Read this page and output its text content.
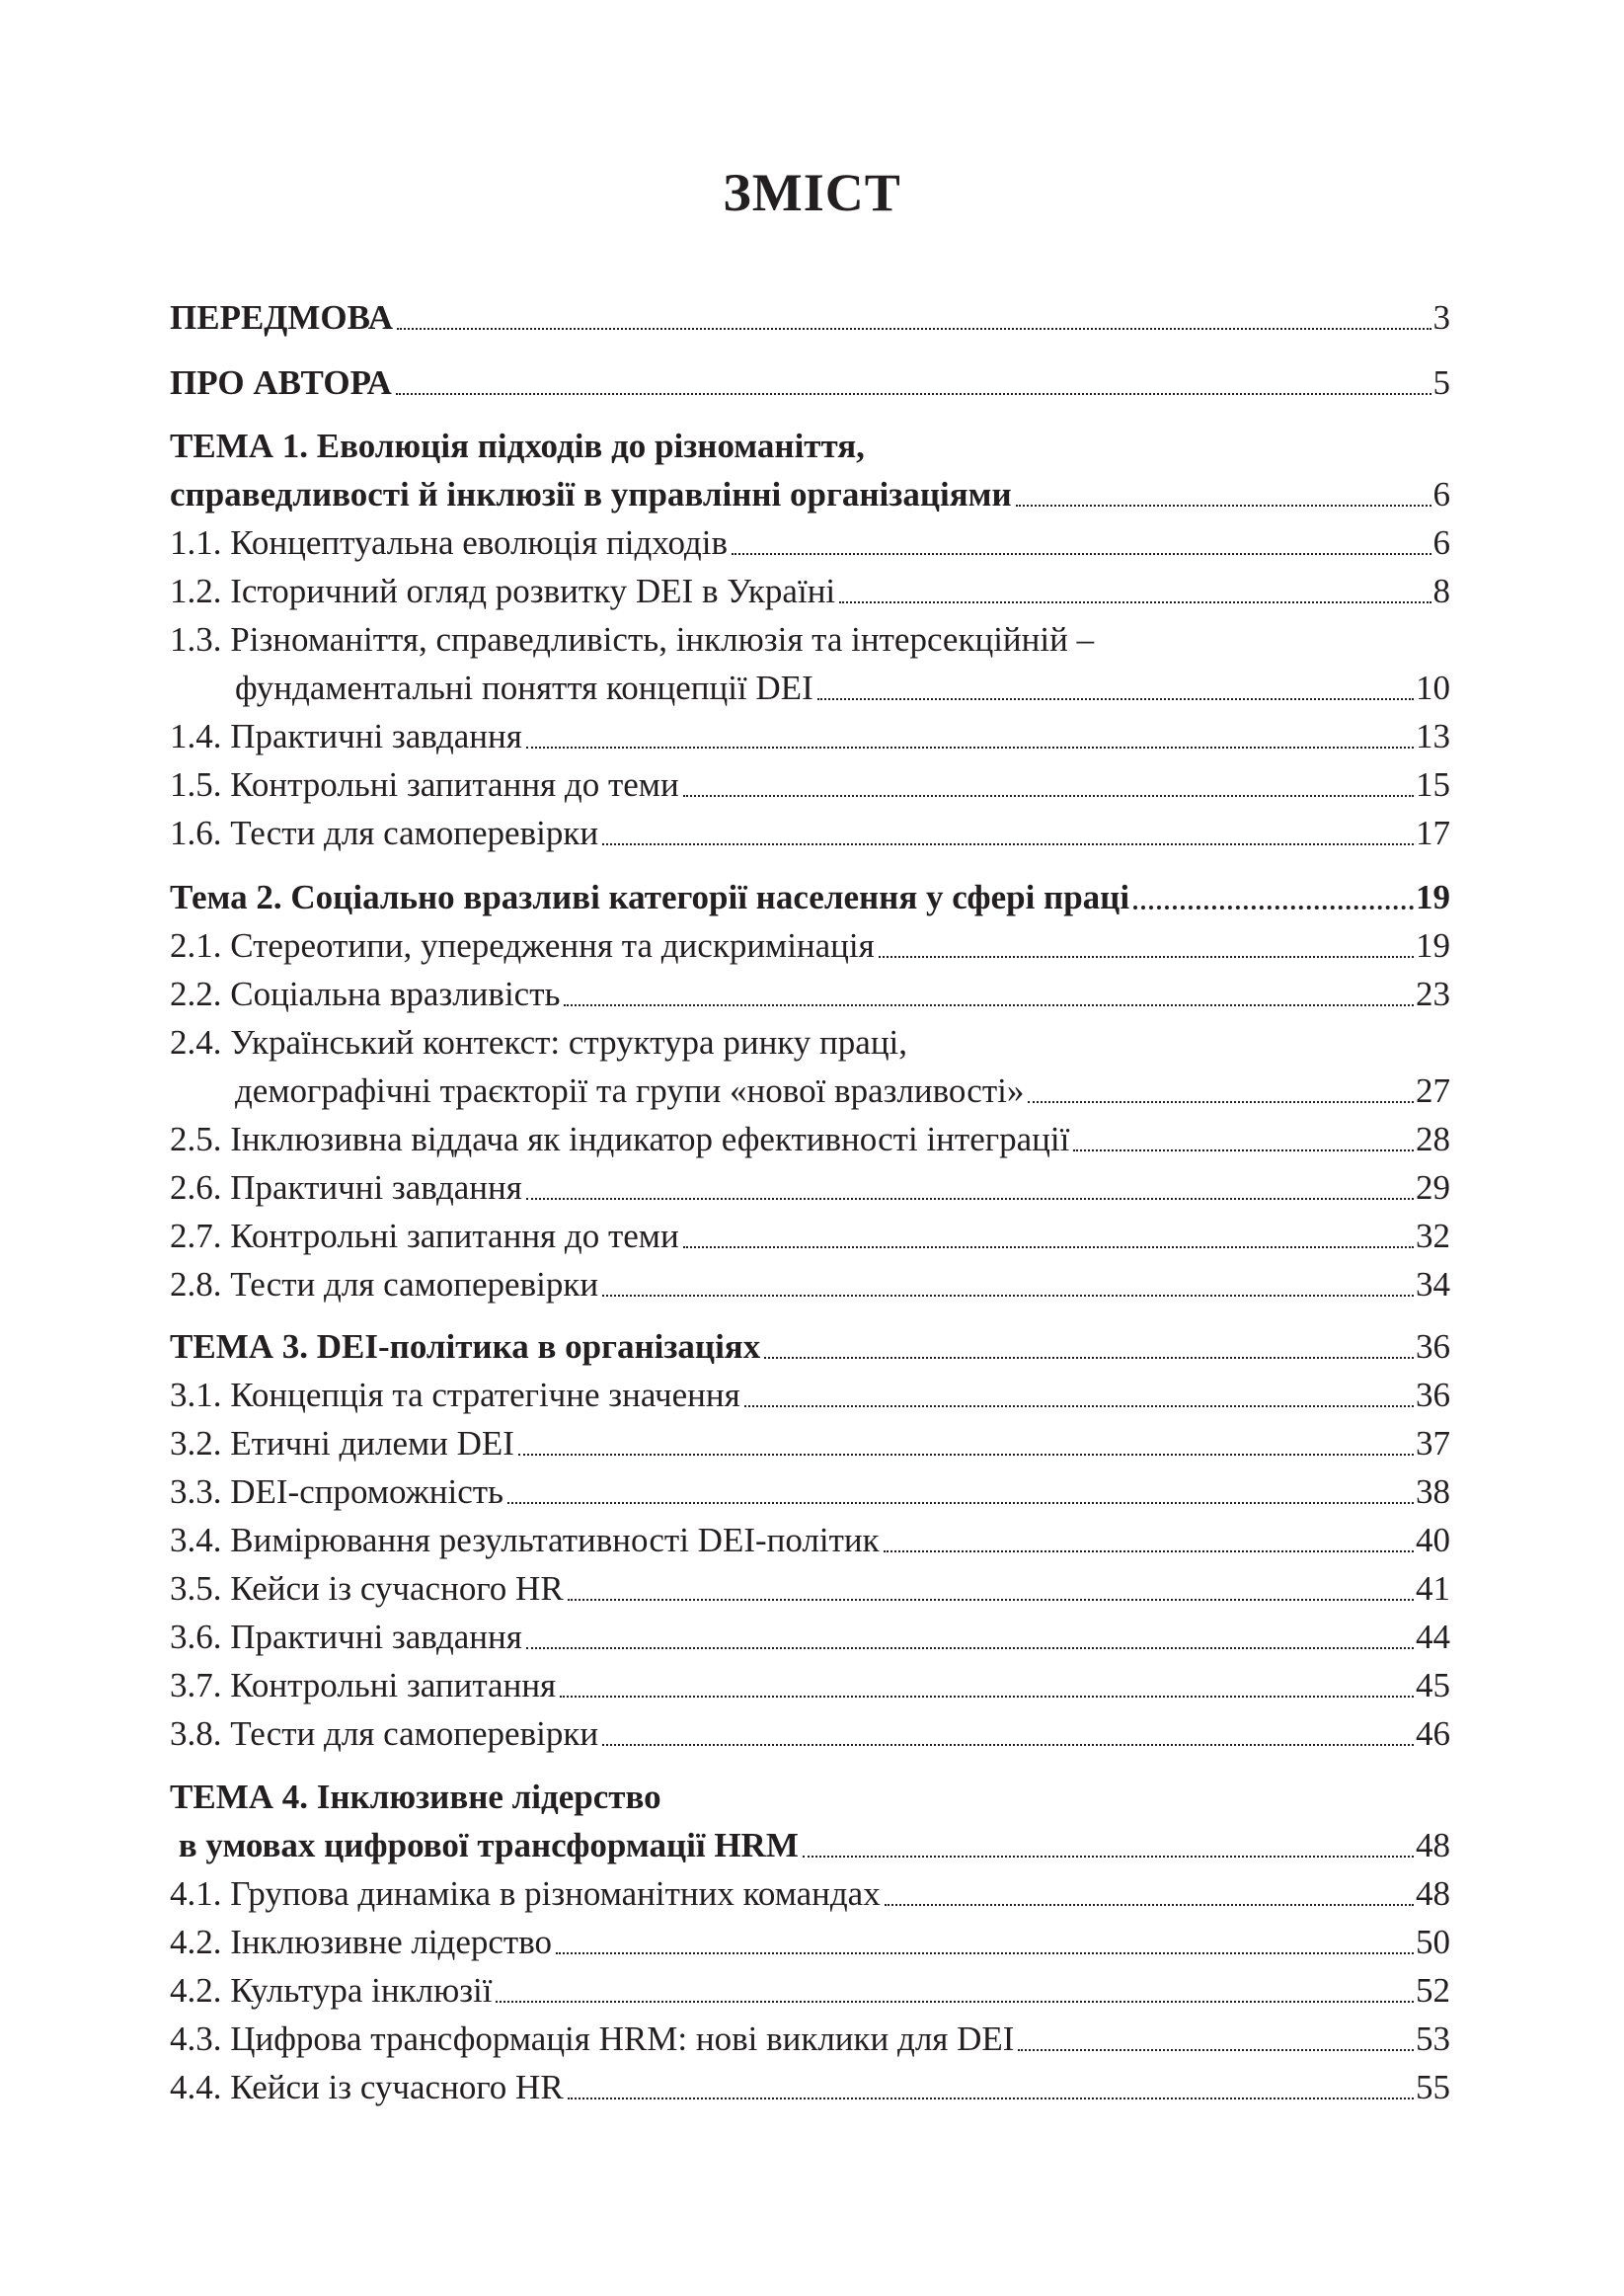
ЗМІСТ
ПЕРЕДМОВА	3
ПРО АВТОРА	5
ТЕМА 1. Еволюція підходів до різноманіття,
справедливості й інклюзії в управлінні організаціями	6
1.1. Концептуальна еволюція підходів	6
1.2. Історичний огляд розвитку DEI в Україні	8
1.3. Різноманіття, справедливість, інклюзія та інтерсекційній –
фундаментальні поняття концепції DEI	10
1.4. Практичні завдання	13
1.5. Контрольні запитання до теми	15
1.6. Тести для самоперевірки	17
Тема 2. Соціально вразливі категорії населення у сфері праці	19
2.1. Стереотипи, упередження та дискримінація	19
2.2. Соціальна вразливість	23
2.4. Український контекст: структура ринку праці,
демографічні траєкторії та групи «нової вразливості»	27
2.5. Інклюзивна віддача як індикатор ефективності інтеграції	28
2.6. Практичні завдання	29
2.7. Контрольні запитання до теми	32
2.8. Тести для самоперевірки	34
ТЕМА 3. DEI-політика в організаціях	36
3.1. Концепція та стратегічне значення	36
3.2. Етичні дилеми DEI	37
3.3. DEI-спроможність	38
3.4. Вимірювання результативності DEI-політик	40
3.5. Кейси із сучасного HR	41
3.6. Практичні завдання	44
3.7. Контрольні запитання	45
3.8. Тести для самоперевірки	46
ТЕМА 4. Інклюзивне лідерство
в умовах цифрової трансформації HRM	48
4.1. Групова динаміка в різноманітних командах	48
4.2. Інклюзивне лідерство	50
4.2. Культура інклюзії	52
4.3. Цифрова трансформація HRM: нові виклики для DEI	53
4.4. Кейси із сучасного HR	55
